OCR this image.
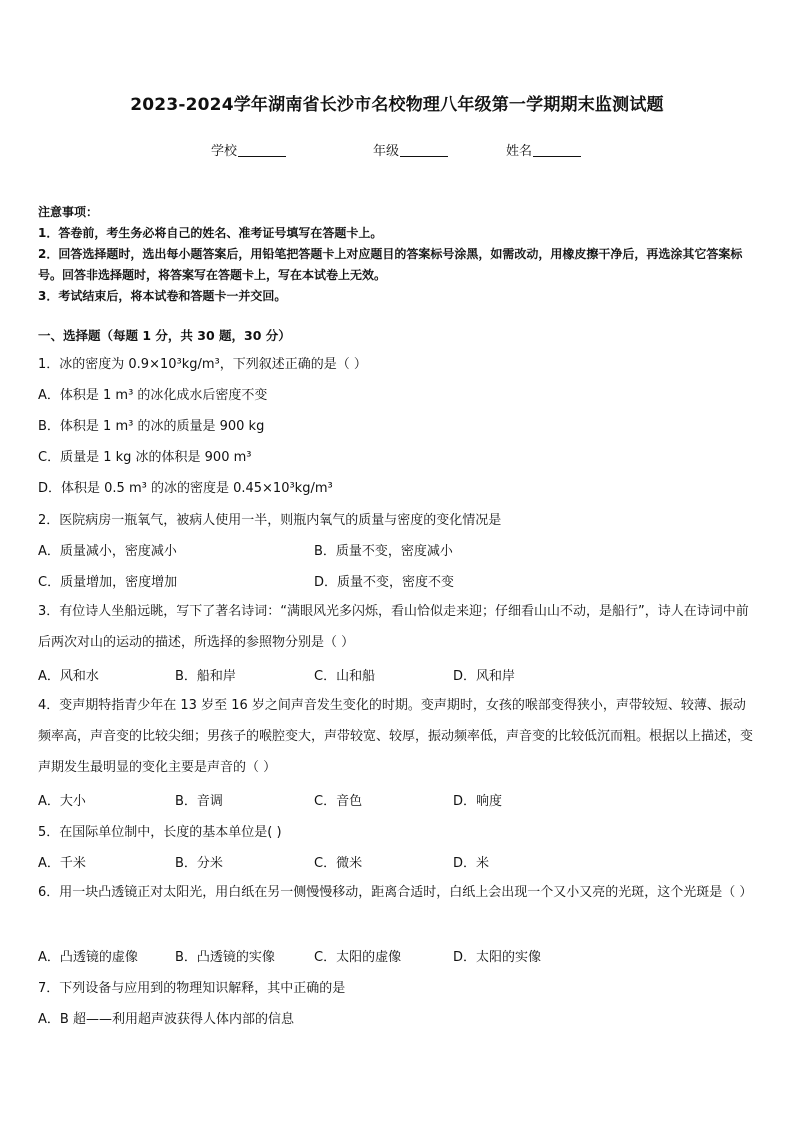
2023-2024学年湖南省长沙市名校物理八年级第一学期期末监测试题
学校	年级	姓名
注意事项：
1．答卷前，考生务必将自己的姓名、准考证号填写在答题卡上。
2．回答选择题时，选出每小题答案后，用铅笔把答题卡上对应题目的答案标号涂黑，如需改动，用橡皮擦干净后，再选涂其它答案标号。回答非选择题时，将答案写在答题卡上，写在本试卷上无效。
3．考试结束后，将本试卷和答题卡一并交回。
一、选择题（每题 1 分，共 30 题，30 分）
1．冰的密度为 0.9×10³kg/m³，下列叙述正确的是（ ）
A．体积是 1 m³ 的冰化成水后密度不变
B．体积是 1 m³ 的冰的质量是 900 kg
C．质量是 1 kg 冰的体积是 900 m³
D．体积是 0.5 m³ 的冰的密度是 0.45×10³kg/m³
2．医院病房一瓶氧气，被病人使用一半，则瓶内氧气的质量与密度的变化情况是
A．质量减小，密度减小	B．质量不变，密度减小
C．质量增加，密度增加	D．质量不变，密度不变
3．有位诗人坐船远眺，写下了著名诗词：“满眼风光多闪烁，看山恰似走来迎；仔细看山山不动，是船行”，诗人在诗词中前后两次对山的运动的描述，所选择的参照物分别是（ ）
A．风和水	B．船和岸	C．山和船	D．风和岸
4．变声期特指青少年在 13 岁至 16 岁之间声音发生变化的时期。变声期时，女孩的喉部变得狭小，声带较短、较薄、振动频率高，声音变的比较尖细；男孩子的喉腔变大，声带较宽、较厚，振动频率低，声音变的比较低沉而粗。根据以上描述，变声期发生最明显的变化主要是声音的（ ）
A．大小	B．音调	C．音色	D．响度
5．在国际单位制中，长度的基本单位是( )
A．千米	B．分米	C．微米	D．米
6．用一块凸透镜正对太阳光，用白纸在另一侧慢慢移动，距离合适时，白纸上会出现一个又小又亮的光斑，这个光斑是（ ）
A．凸透镜的虚像	B．凸透镜的实像	C．太阳的虚像	D．太阳的实像
7．下列设备与应用到的物理知识解释，其中正确的是
A．B 超——利用超声波获得人体内部的信息
